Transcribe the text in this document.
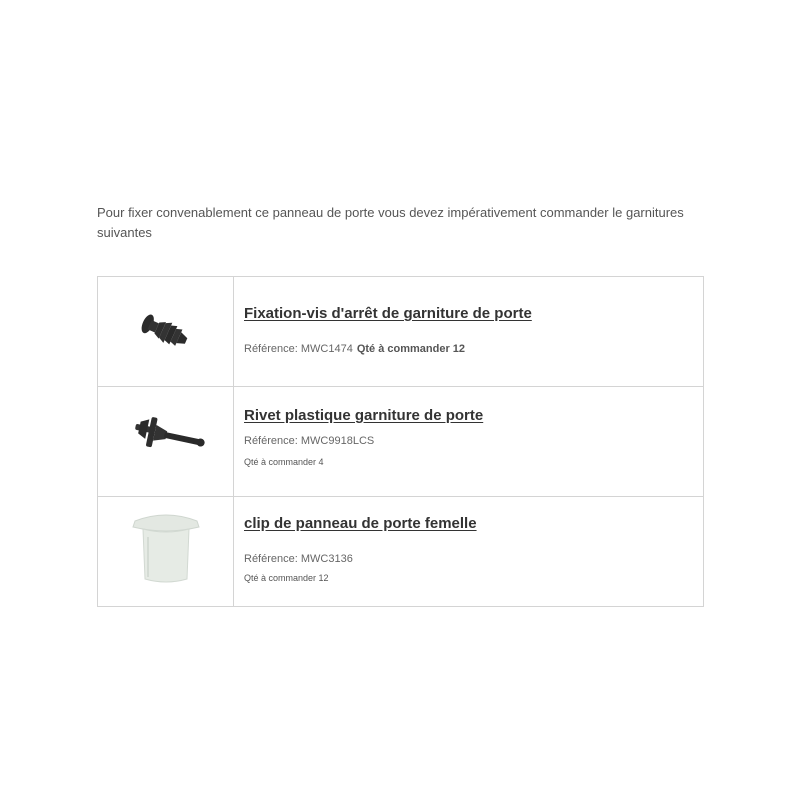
Pour fixer convenablement ce panneau de porte vous devez impérativement commander le garnitures suivantes

Fixation-vis d'arrêt de garniture de porte
Référence: MWC1474 Qté à commander 12

Rivet plastique garniture de porte
Référence: MWC9918LCS
Qté à commander 4

clip de panneau de porte femelle
Référence: MWC3136
Qté à commander 12
